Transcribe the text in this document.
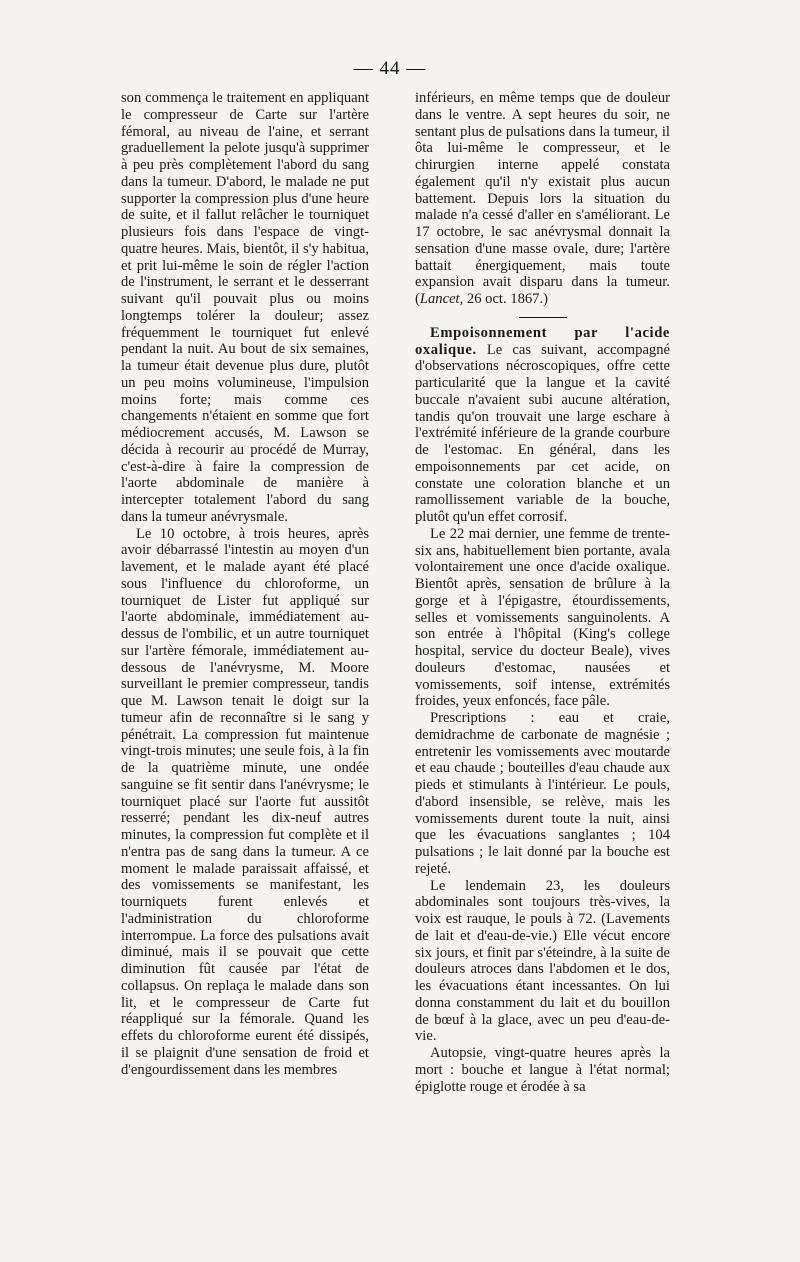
— 44 —

son commença le traitement en appliquant le compresseur de Carte sur l'artère fémoral, au niveau de l'aine, et serrant graduellement la pelote jusqu'à supprimer à peu près complètement l'abord du sang dans la tumeur. D'abord, le malade ne put supporter la compression plus d'une heure de suite, et il fallut relâcher le tourniquet plusieurs fois dans l'espace de vingt-quatre heures. Mais, bientôt, il s'y habitua, et prit lui-même le soin de régler l'action de l'instrument, le serrant et le desserrant suivant qu'il pouvait plus ou moins longtemps tolérer la douleur; assez fréquemment le tourniquet fut enlevé pendant la nuit. Au bout de six semaines, la tumeur était devenue plus dure, plutôt un peu moins volumineuse, l'impulsion moins forte; mais comme ces changements n'étaient en somme que fort médiocrement accusés, M. Lawson se décida à recourir au procédé de Murray, c'est-à-dire à faire la compression de l'aorte abdominale de manière à intercepter totalement l'abord du sang dans la tumeur anévrysmale.

Le 10 octobre, à trois heures, après avoir débarrassé l'intestin au moyen d'un lavement, et le malade ayant été placé sous l'influence du chloroforme, un tourniquet de Lister fut appliqué sur l'aorte abdominale, immédiatement au-dessus de l'ombilic, et un autre tourniquet sur l'artère fémorale, immédiatement au-dessous de l'anévrysme, M. Moore surveillant le premier compresseur, tandis que M. Lawson tenait le doigt sur la tumeur afin de reconnaître si le sang y pénétrait. La compression fut maintenue vingt-trois minutes; une seule fois, à la fin de la quatrième minute, une ondée sanguine se fit sentir dans l'anévrysme; le tourniquet placé sur l'aorte fut aussitôt resserré; pendant les dix-neuf autres minutes, la compression fut complète et il n'entra pas de sang dans la tumeur. A ce moment le malade paraissait affaissé, et des vomissements se manifestant, les tourniquets furent enlevés et l'administration du chloroforme interrompue. La force des pulsations avait diminué, mais il se pouvait que cette diminution fût causée par l'état de collapsus. On replaça le malade dans son lit, et le compresseur de Carte fut réappliqué sur la fémorale. Quand les effets du chloroforme eurent été dissipés, il se plaignit d'une sensation de froid et d'engourdissement dans les membres

inférieurs, en même temps que de douleur dans le ventre. A sept heures du soir, ne sentant plus de pulsations dans la tumeur, il ôta lui-même le compresseur, et le chirurgien interne appelé constata également qu'il n'y existait plus aucun battement. Depuis lors la situation du malade n'a cessé d'aller en s'améliorant. Le 17 octobre, le sac anévrysmal donnait la sensation d'une masse ovale, dure; l'artère battait énergiquement, mais toute expansion avait disparu dans la tumeur. (Lancet, 26 oct. 1867.)

Empoisonnement par l'acide oxalique. Le cas suivant, accompagné d'observations nécroscopiques, offre cette particularité que la langue et la cavité buccale n'avaient subi aucune altération, tandis qu'on trouvait une large eschare à l'extrémité inférieure de la grande courbure de l'estomac. En général, dans les empoisonnements par cet acide, on constate une coloration blanche et un ramollissement variable de la bouche, plutôt qu'un effet corrosif.

Le 22 mai dernier, une femme de trente-six ans, habituellement bien portante, avala volontairement une once d'acide oxalique. Bientôt après, sensation de brûlure à la gorge et à l'épigastre, étourdissements, selles et vomissements sanguinolents. A son entrée à l'hôpital (King's college hospital, service du docteur Beale), vives douleurs d'estomac, nausées et vomissements, soif intense, extrémités froides, yeux enfoncés, face pâle.

Prescriptions : eau et craie, demidrachme de carbonate de magnésie ; entretenir les vomissements avec moutarde et eau chaude ; bouteilles d'eau chaude aux pieds et stimulants à l'intérieur. Le pouls, d'abord insensible, se relève, mais les vomissements durent toute la nuit, ainsi que les évacuations sanglantes ; 104 pulsations ; le lait donné par la bouche est rejeté.

Le lendemain 23, les douleurs abdominales sont toujours très-vives, la voix est rauque, le pouls à 72. (Lavements de lait et d'eau-de-vie.) Elle vécut encore six jours, et finit par s'éteindre, à la suite de douleurs atroces dans l'abdomen et le dos, les évacuations étant incessantes. On lui donna constamment du lait et du bouillon de bœuf à la glace, avec un peu d'eau-de-vie.

Autopsie, vingt-quatre heures après la mort : bouche et langue à l'état normal; épiglotte rouge et érodée à sa
